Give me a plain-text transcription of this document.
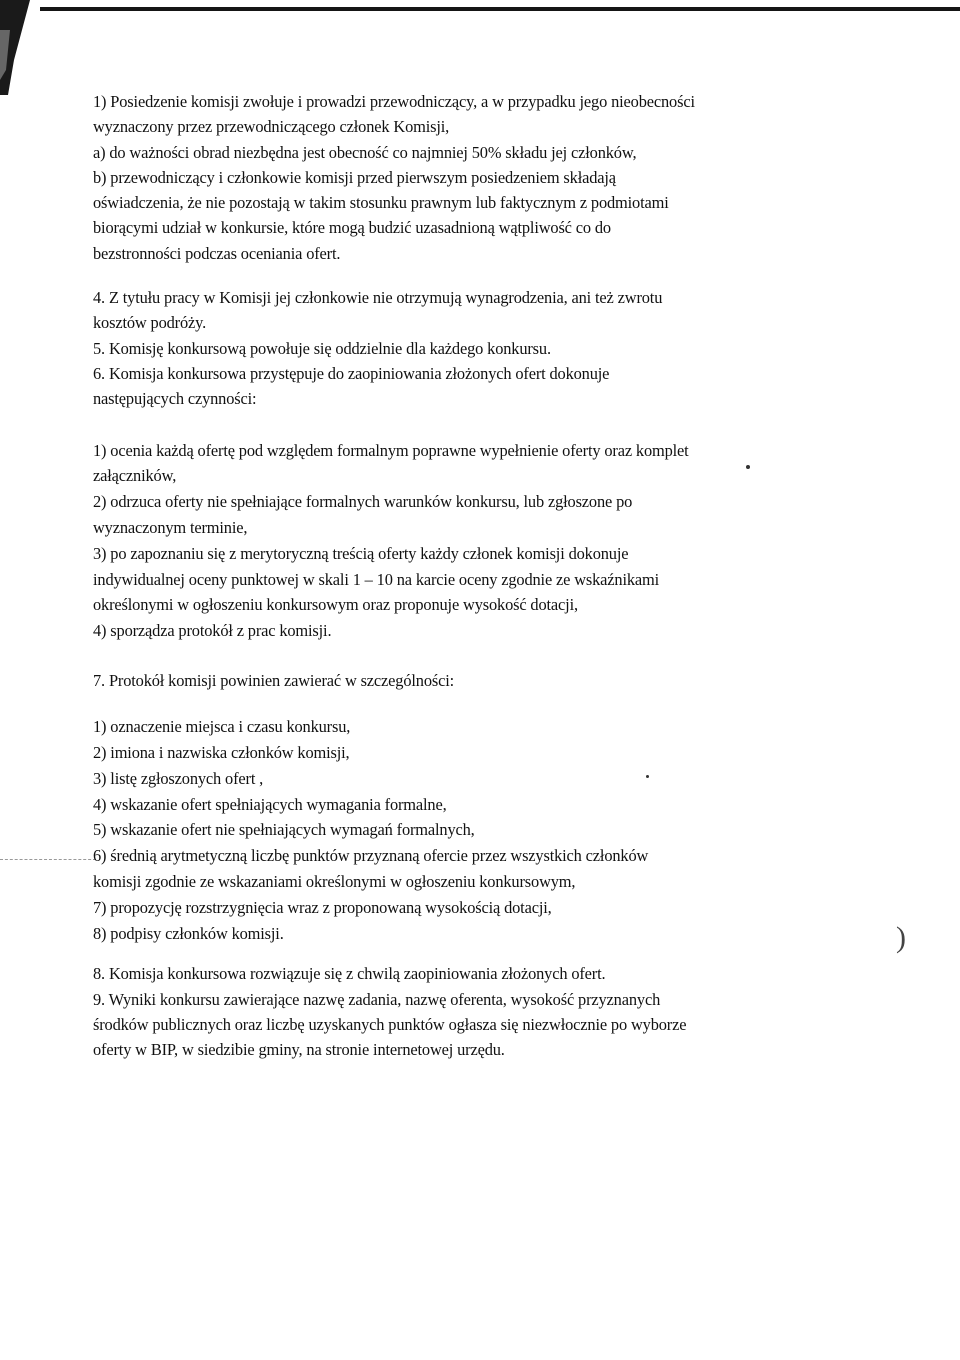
)
1) Posiedzenie komisji zwołuje i prowadzi przewodniczący, a w przypadku jego nieobecności
wyznaczony przez przewodniczącego członek Komisji,
a) do ważności obrad niezbędna jest obecność co najmniej 50% składu jej członków,
b) przewodniczący i członkowie komisji przed pierwszym posiedzeniem składają
oświadczenia, że nie pozostają w takim stosunku prawnym lub faktycznym z podmiotami
biorącymi udział w konkursie, które mogą budzić uzasadnioną wątpliwość co do
bezstronności podczas oceniania ofert.
4. Z tytułu pracy w Komisji jej członkowie nie otrzymują wynagrodzenia, ani też zwrotu
kosztów podróży.
5. Komisję konkursową powołuje się oddzielnie dla każdego konkursu.
6. Komisja konkursowa przystępuje do zaopiniowania złożonych ofert dokonuje
następujących czynności:
1) ocenia każdą ofertę pod względem formalnym poprawne wypełnienie oferty oraz komplet
załączników,
2) odrzuca oferty nie spełniające formalnych warunków konkursu, lub zgłoszone po
wyznaczonym terminie,
3) po zapoznaniu się z merytoryczną treścią oferty każdy członek komisji dokonuje
indywidualnej oceny punktowej w skali 1 – 10 na karcie oceny zgodnie ze wskaźnikami
określonymi w ogłoszeniu konkursowym oraz proponuje wysokość dotacji,
4) sporządza protokół z prac komisji.
7. Protokół komisji powinien zawierać w szczególności:
1) oznaczenie miejsca i czasu konkursu,
2) imiona i nazwiska członków komisji,
3) listę zgłoszonych ofert ,
4) wskazanie ofert spełniających wymagania formalne,
5) wskazanie ofert nie spełniających wymagań formalnych,
6) średnią arytmetyczną liczbę punktów przyznaną ofercie przez wszystkich członków
komisji zgodnie ze wskazaniami określonymi w ogłoszeniu konkursowym,
7) propozycję rozstrzygnięcia wraz z proponowaną wysokością dotacji,
8) podpisy członków komisji.
8. Komisja konkursowa rozwiązuje się z chwilą zaopiniowania złożonych ofert.
9. Wyniki konkursu zawierające nazwę zadania, nazwę oferenta, wysokość przyznanych
środków publicznych oraz liczbę uzyskanych punktów ogłasza się niezwłocznie po wyborze
oferty w BIP, w siedzibie gminy, na stronie internetowej urzędu.
